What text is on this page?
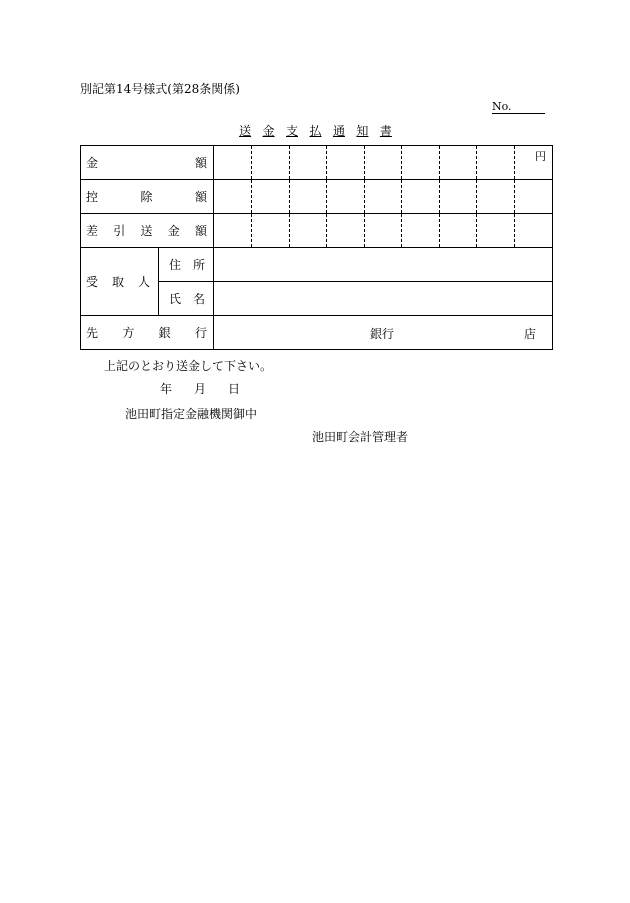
別記第14号様式(第28条関係)
No.
送 金 支 払 通 知 書
金 額										円

控 除 額										

差 引 送 金 額										

受 取 人	住 所									

	氏 名									

先 方 銀 行		銀行 店								
上記のとおり送金して下さい。
年 月 日
池田町指定金融機関御中
池田町会計管理者
